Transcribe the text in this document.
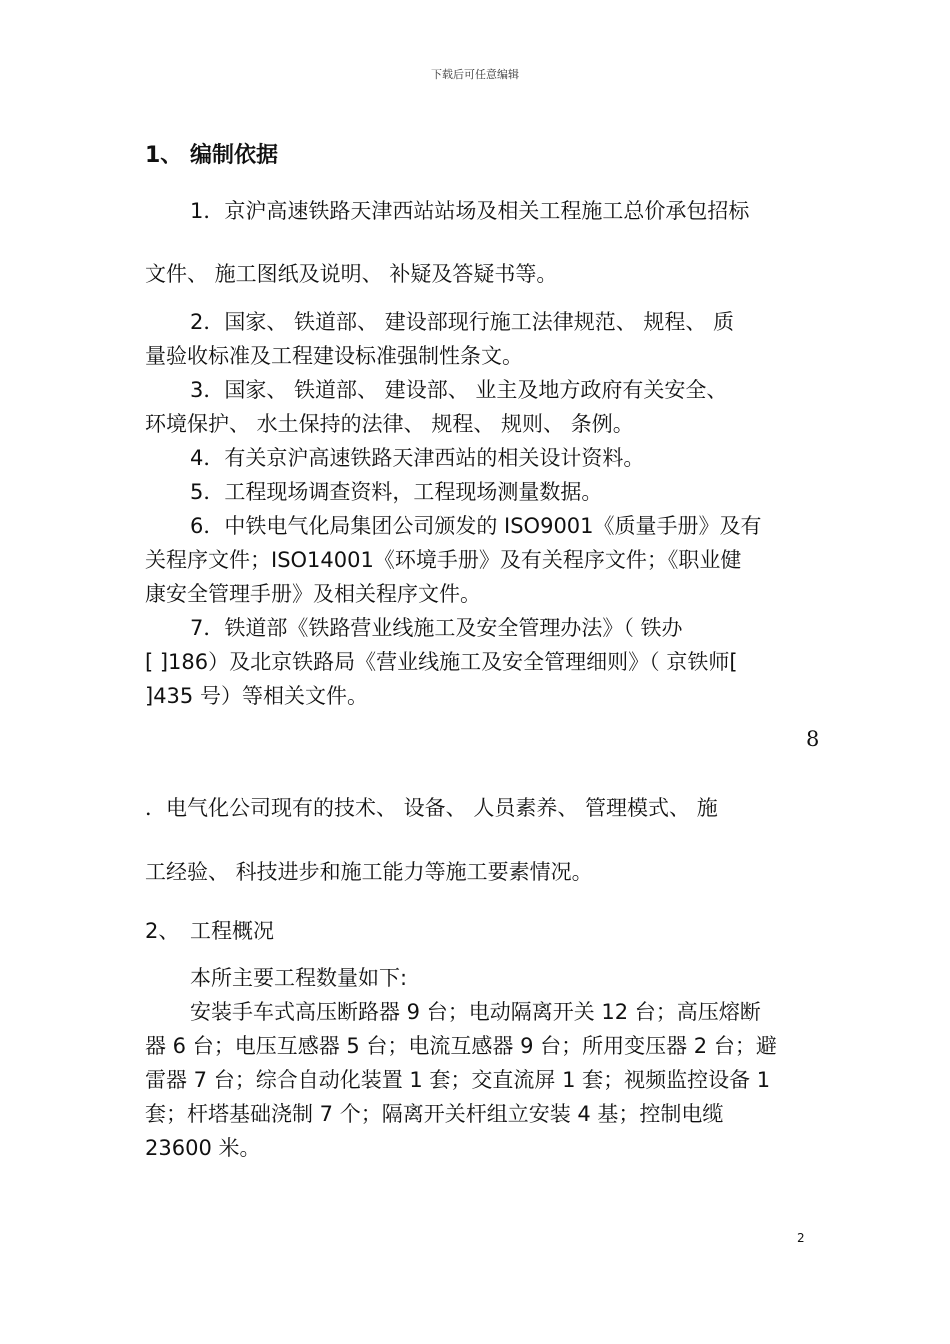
下载后可任意编辑
1、 编制依据
1．京沪高速铁路天津西站站场及相关工程施工总价承包招标
文件、 施工图纸及说明、 补疑及答疑书等。
2．国家、 铁道部、 建设部现行施工法律规范、 规程、 质
量验收标准及工程建设标准强制性条文。
3．国家、 铁道部、 建设部、 业主及地方政府有关安全、
环境保护、 水土保持的法律、 规程、 规则、 条例。
4．有关京沪高速铁路天津西站的相关设计资料。
5．工程现场调查资料，工程现场测量数据。
6．中铁电气化局集团公司颁发的 ISO9001《质量手册》及有
关程序文件；ISO14001《环境手册》及有关程序文件；《职业健
康安全管理手册》及相关程序文件。
7．铁道部《铁路营业线施工及安全管理办法》（ 铁办
[ ]186）及北京铁路局《营业线施工及安全管理细则》（ 京铁师[
]435 号）等相关文件。
8
．电气化公司现有的技术、 设备、 人员素养、 管理模式、 施
工经验、 科技进步和施工能力等施工要素情况。
2、 工程概况
本所主要工程数量如下:
安装手车式高压断路器 9 台；电动隔离开关 12 台；高压熔断
器 6 台；电压互感器 5 台；电流互感器 9 台；所用变压器 2 台；避
雷器 7 台；综合自动化装置 1 套；交直流屏 1 套；视频监控设备 1
套；杆塔基础浇制 7 个；隔离开关杆组立安装 4 基；控制电缆
23600 米。
2
